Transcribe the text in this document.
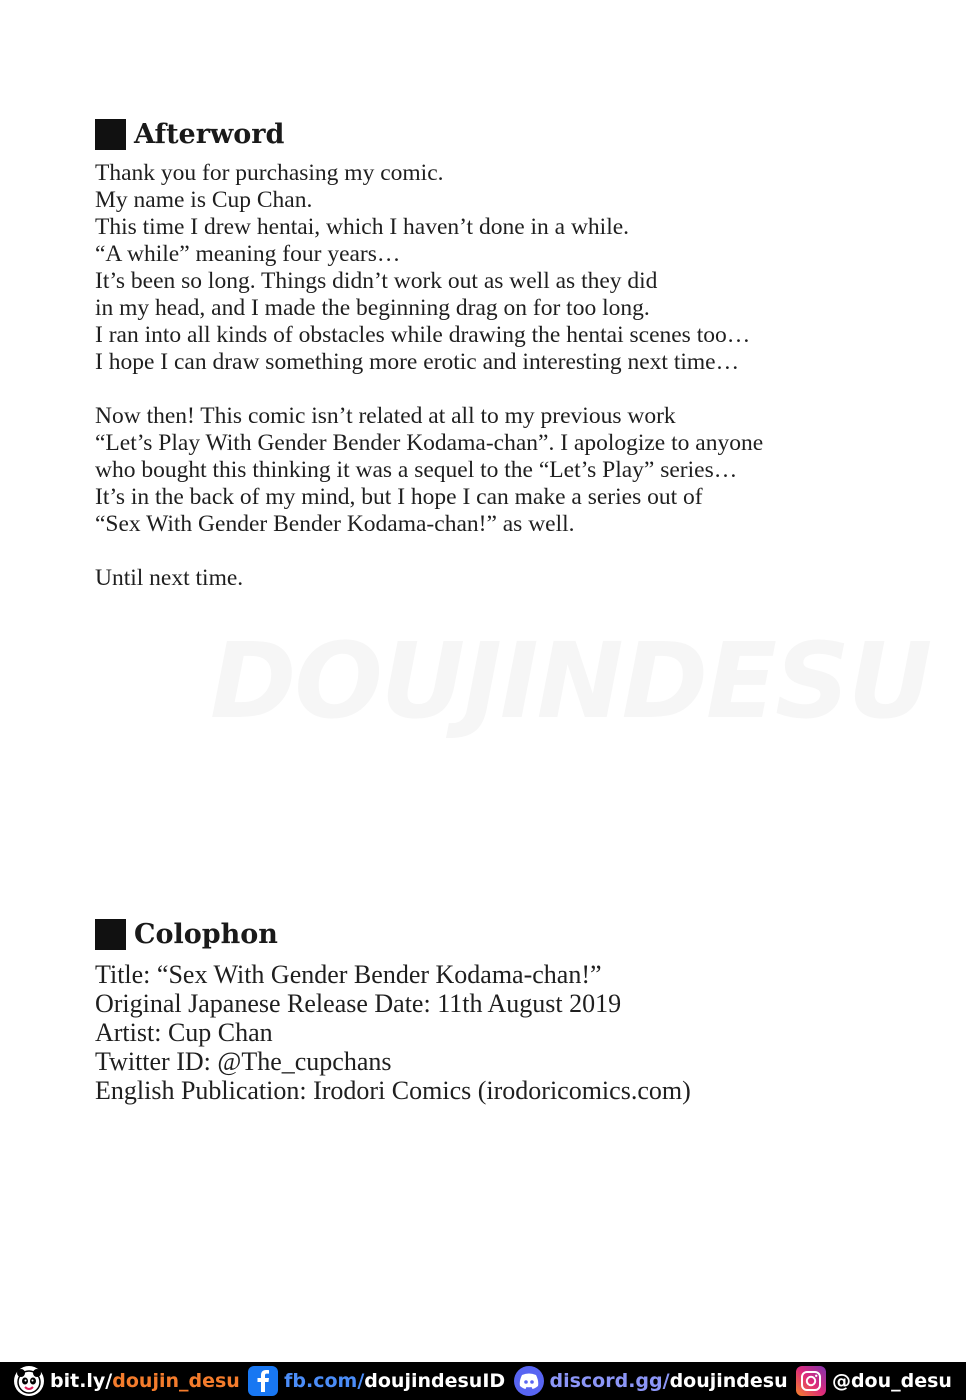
Afterword
Thank you for purchasing my comic.
My name is Cup Chan.
This time I drew hentai, which I haven’t done in a while.
“A while” meaning four years…
It’s been so long. Things didn’t work out as well as they did
in my head, and I made the beginning drag on for too long.
I ran into all kinds of obstacles while drawing the hentai scenes too…
I hope I can draw something more erotic and interesting next time…
Now then! This comic isn’t related at all to my previous work
“Let’s Play With Gender Bender Kodama-chan”. I apologize to anyone
who bought this thinking it was a sequel to the “Let’s Play” series…
It’s in the back of my mind, but I hope I can make a series out of
“Sex With Gender Bender Kodama-chan!” as well.
Until next time.
DOUJINDESU
Colophon
Title: “Sex With Gender Bender Kodama-chan!”
Original Japanese Release Date: 11th August 2019
Artist: Cup Chan
Twitter ID: @The_cupchans
English Publication: Irodori Comics (irodoricomics.com)
bit.ly/ doujin_desu fb.com/ doujindesuID discord.gg/ doujindesu @ dou_desu
